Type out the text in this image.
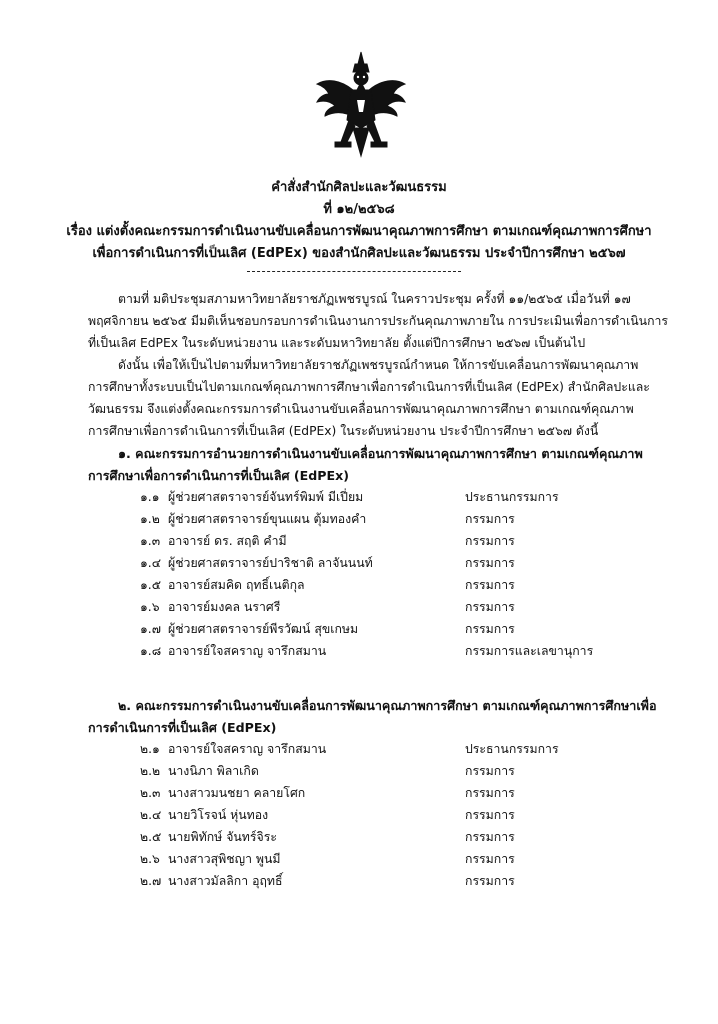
คำสั่งสำนักศิลปะและวัฒนธรรม
ที่ ๑๒/๒๕๖๘
เรื่อง แต่งตั้งคณะกรรมการดำเนินงานขับเคลื่อนการพัฒนาคุณภาพการศึกษา ตามเกณฑ์คุณภาพการศึกษา
เพื่อการดำเนินการที่เป็นเลิศ (EdPEx) ของสำนักศิลปะและวัฒนธรรม ประจำปีการศึกษา ๒๕๖๗
ตามที่ มติประชุมสภามหาวิทยาลัยราชภัฏเพชรบูรณ์ ในคราวประชุม ครั้งที่ ๑๑/๒๕๖๕ เมื่อวันที่ ๑๗
พฤศจิกายน ๒๕๖๕ มีมติเห็นชอบกรอบการดำเนินงานการประกันคุณภาพภายใน การประเมินเพื่อการดำเนินการ
ที่เป็นเลิศ EdPEx ในระดับหน่วยงาน และระดับมหาวิทยาลัย ตั้งแต่ปีการศึกษา ๒๕๖๗ เป็นต้นไป
ดังนั้น เพื่อให้เป็นไปตามที่มหาวิทยาลัยราชภัฏเพชรบูรณ์กำหนด ให้การขับเคลื่อนการพัฒนาคุณภาพ
การศึกษาทั้งระบบเป็นไปตามเกณฑ์คุณภาพการศึกษาเพื่อการดำเนินการที่เป็นเลิศ (EdPEx) สำนักศิลปะและ
วัฒนธรรม จึงแต่งตั้งคณะกรรมการดำเนินงานขับเคลื่อนการพัฒนาคุณภาพการศึกษา ตามเกณฑ์คุณภาพ
การศึกษาเพื่อการดำเนินการที่เป็นเลิศ (EdPEx) ในระดับหน่วยงาน ประจำปีการศึกษา ๒๕๖๗ ดังนี้
๑. คณะกรรมการอำนวยการดำเนินงานขับเคลื่อนการพัฒนาคุณภาพการศึกษา ตามเกณฑ์คุณภาพ
การศึกษาเพื่อการดำเนินการที่เป็นเลิศ (EdPEx)
๑.๑ ผู้ช่วยศาสตราจารย์จันทร์พิมพ์ มีเปี่ยม	ประธานกรรมการ
๑.๒ ผู้ช่วยศาสตราจารย์ขุนแผน ตุ้มทองคำ	กรรมการ
๑.๓ อาจารย์ ดร. สฤติ คำมี	กรรมการ
๑.๔ ผู้ช่วยศาสตราจารย์ปาริชาติ ลาจันนนท์	กรรมการ
๑.๕ อาจารย์สมคิด ฤทธิ์เนติกุล	กรรมการ
๑.๖ อาจารย์มงคล นราศรี	กรรมการ
๑.๗ ผู้ช่วยศาสตราจารย์พีรวัฒน์ สุขเกษม	กรรมการ
๑.๘ อาจารย์ใจสคราญ จารึกสมาน	กรรมการและเลขานุการ
๒. คณะกรรมการดำเนินงานขับเคลื่อนการพัฒนาคุณภาพการศึกษา ตามเกณฑ์คุณภาพการศึกษาเพื่อ
การดำเนินการที่เป็นเลิศ (EdPEx)
๒.๑ อาจารย์ใจสคราญ จารึกสมาน	ประธานกรรมการ
๒.๒ นางนิภา พิลาเกิด	กรรมการ
๒.๓ นางสาวมนชยา คลายโศก	กรรมการ
๒.๔ นายวิโรจน์ หุ่นทอง	กรรมการ
๒.๕ นายพิทักษ์ จันทร์จิระ	กรรมการ
๒.๖ นางสาวสุพิชญา พูนมี	กรรมการ
๒.๗ นางสาวมัลลิกา อุฤทธิ์	กรรมการ
